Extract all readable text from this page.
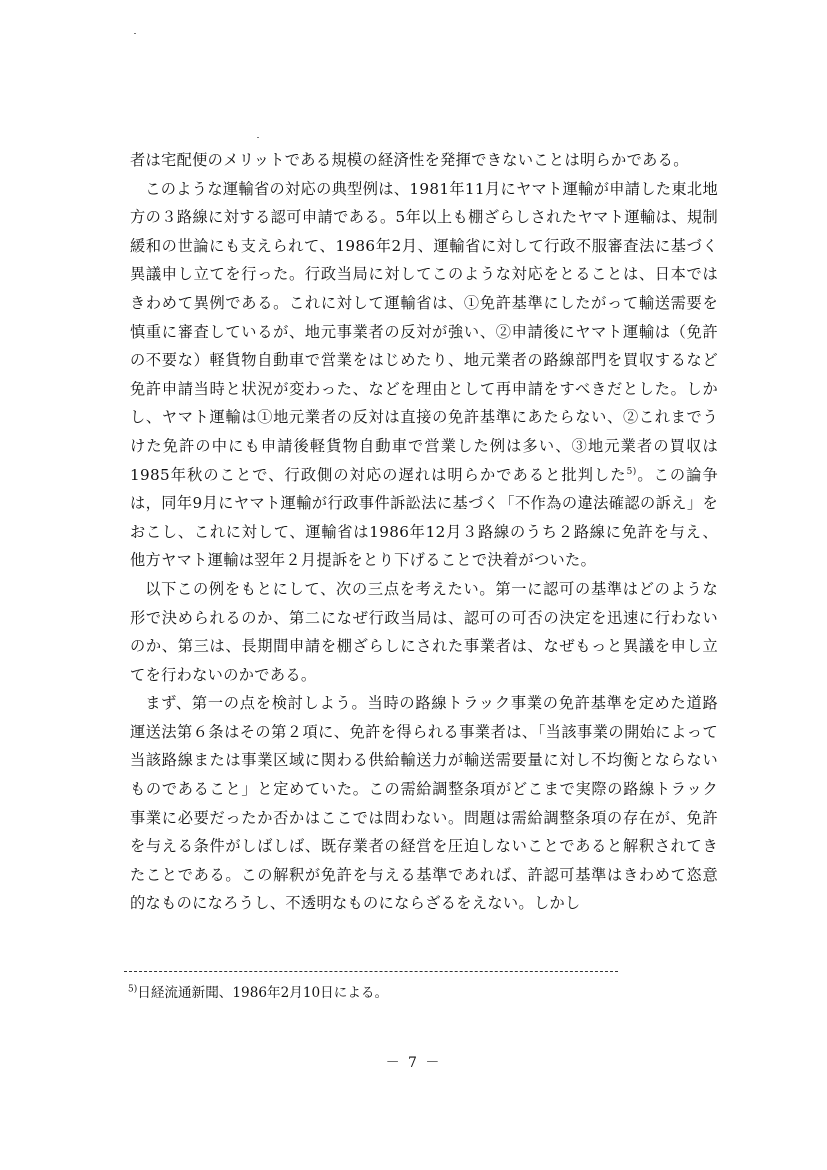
者は宅配便のメリットである規模の経済性を発揮できないことは明らかである。

このような運輸省の対応の典型例は、1981年11月にヤマト運輸が申請した東北地方の３路線に対する認可申請である。5年以上も棚ざらしされたヤマト運輸は、規制緩和の世論にも支えられて、1986年2月、運輸省に対して行政不服審査法に基づく異議申し立てを行った。行政当局に対してこのような対応をとることは、日本ではきわめて異例である。これに対して運輸省は、①免許基準にしたがって輸送需要を慎重に審査しているが、地元事業者の反対が強い、②申請後にヤマト運輸は（免許の不要な）軽貨物自動車で営業をはじめたり、地元業者の路線部門を買収するなど免許申請当時と状況が変わった、などを理由として再申請をすべきだとした。しかし、ヤマト運輸は①地元業者の反対は直接の免許基準にあたらない、②これまでうけた免許の中にも申請後軽貨物自動車で営業した例は多い、③地元業者の買収は1985年秋のことで、行政側の対応の遅れは明らかであると批判した$^{5)}$。この論争は，同年9月にヤマト運輸が行政事件訴訟法に基づく「不作為の違法確認の訴え」をおこし、これに対して、運輸省は1986年12月３路線のうち２路線に免許を与え、他方ヤマト運輸は翌年２月提訴をとり下げることで決着がついた。

以下この例をもとにして、次の三点を考えたい。第一に認可の基準はどのような形で決められるのか、第二になぜ行政当局は、認可の可否の決定を迅速に行わないのか、第三は、長期間申請を棚ざらしにされた事業者は、なぜもっと異議を申し立てを行わないのかである。

まず、第一の点を検討しよう。当時の路線トラック事業の免許基準を定めた道路運送法第６条はその第２項に、免許を得られる事業者は、「当該事業の開始によって当該路線または事業区域に関わる供給輸送力が輸送需要量に対し不均衡とならないものであること」と定めていた。この需給調整条項がどこまで実際の路線トラック事業に必要だったか否かはここでは問わない。問題は需給調整条項の存在が、免許を与える条件がしばしば、既存業者の経営を圧迫しないことであると解釈されてきたことである。この解釈が免許を与える基準であれば、許認可基準はきわめて恣意的なものになろうし、不透明なものにならざるをえない。しかし

$^{5)}$日経流通新聞、1986年2月10日による。
－ 7 －
